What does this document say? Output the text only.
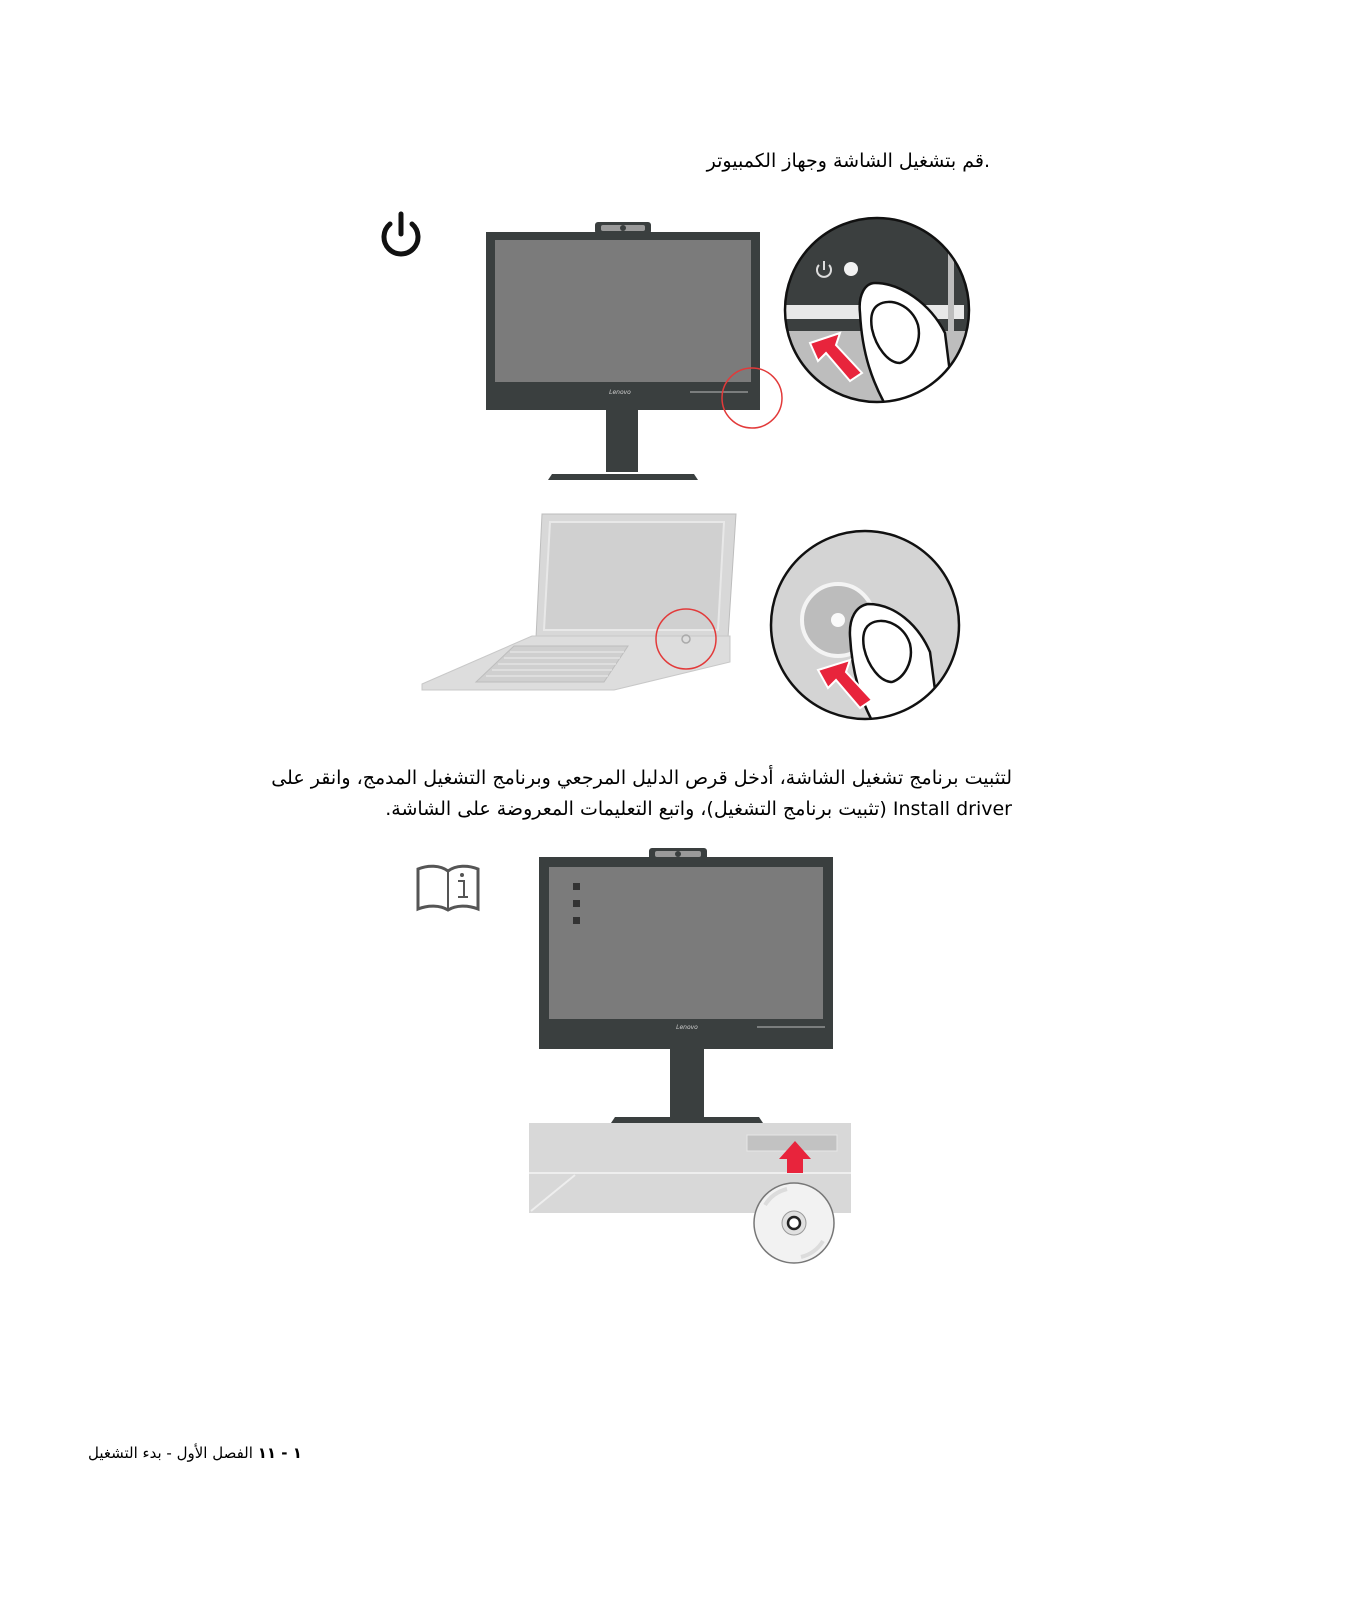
.قم بتشغيل الشاشة وجهاز الكمبيوتر
Lenovo
لتثبيت برنامج تشغيل الشاشة، أدخل قرص الدليل المرجعي وبرنامج التشغيل المدمج، وانقر على
Install driver (تثبيت برنامج التشغيل)، واتبع التعليمات المعروضة على الشاشة.
Lenovo
١ - ١١ الفصل الأول - بدء التشغيل
